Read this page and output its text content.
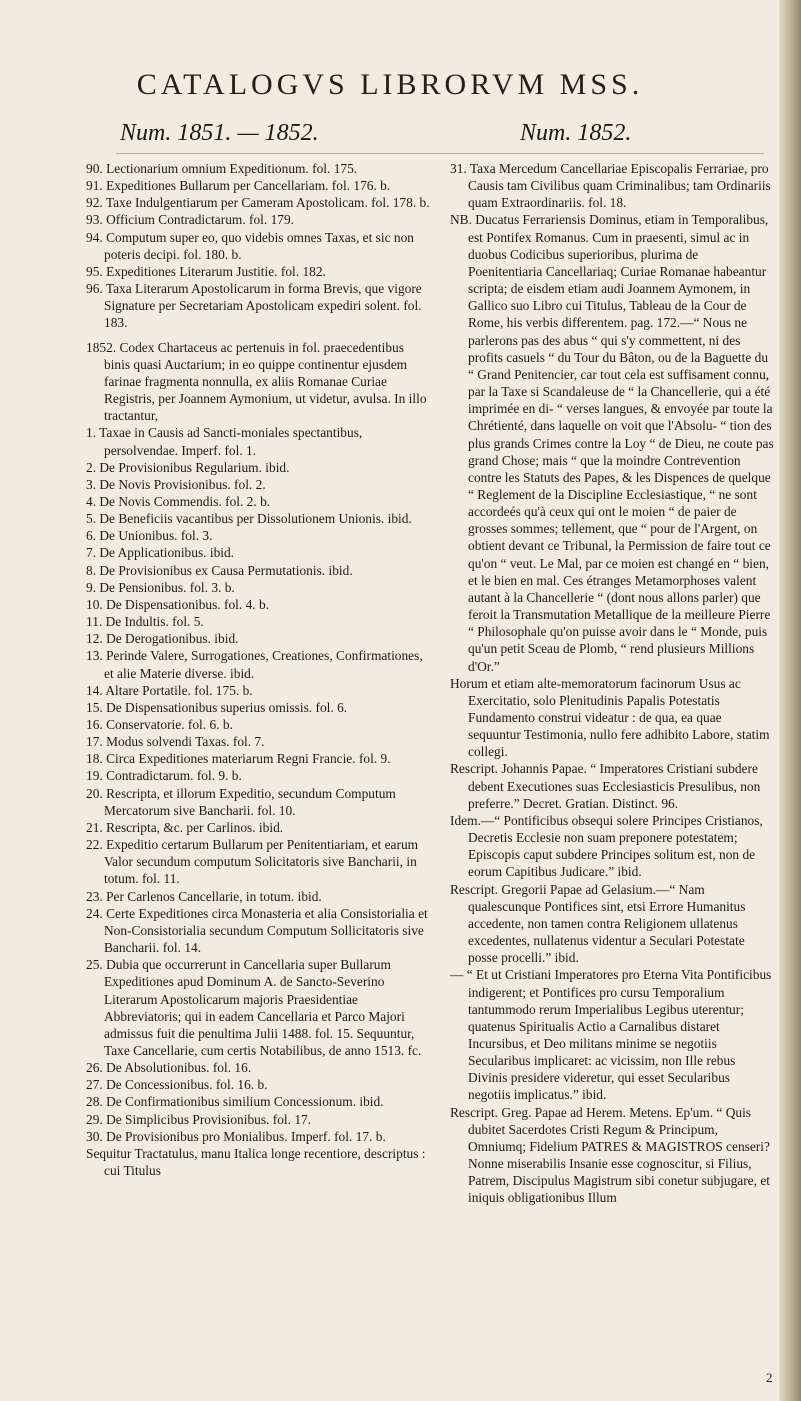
CATALOGVS LIBRORVM MSS.
Num. 1851. — 1852.	Num. 1852.

90. Lectionarium omnium Expeditionum. fol. 175.

91. Expeditiones Bullarum per Cancellariam. fol. 176. b.

92. Taxe Indulgentiarum per Cameram Apostolicam. fol. 178. b.

93. Officium Contradictarum. fol. 179.

94. Computum super eo, quo videbis omnes Taxas, et sic non poteris decipi. fol. 180. b.

95. Expeditiones Literarum Justitie. fol. 182.

96. Taxa Literarum Apostolicarum in forma Brevis, que vigore Signature per Secretariam Apostolicam expediri solent. fol. 183.

1852. Codex Chartaceus ac pertenuis in fol. praecedentibus binis quasi Auctarium; in eo quippe continentur ejusdem farinae fragmenta nonnulla, ex aliis Romanae Curiae Registris, per Joannem Aymonium, ut videtur, avulsa. In illo tractantur,

1. Taxae in Causis ad Sancti-moniales spectantibus, persolvendae. Imperf. fol. 1.

2. De Provisionibus Regularium. ibid.

3. De Novis Provisionibus. fol. 2.

4. De Novis Commendis. fol. 2. b.

5. De Beneficiis vacantibus per Dissolutionem Unionis. ibid.

6. De Unionibus. fol. 3.

7. De Applicationibus. ibid.

8. De Provisionibus ex Causa Permutationis. ibid.

9. De Pensionibus. fol. 3. b.

10. De Dispensationibus. fol. 4. b.

11. De Indultis. fol. 5.

12. De Derogationibus. ibid.

13. Perinde Valere, Surrogationes, Creationes, Confirmationes, et alie Materie diverse. ibid.

14. Altare Portatile. fol. 175. b.

15. De Dispensationibus superius omissis. fol. 6.

16. Conservatorie. fol. 6. b.

17. Modus solvendi Taxas. fol. 7.

18. Circa Expeditiones materiarum Regni Francie. fol. 9.

19. Contradictarum. fol. 9. b.

20. Rescripta, et illorum Expeditio, secundum Computum Mercatorum sive Bancharii. fol. 10.

21. Rescripta, &c. per Carlinos. ibid.

22. Expeditio certarum Bullarum per Penitentiariam, et earum Valor secundum computum Solicitatoris sive Bancharii, in totum. fol. 11.

23. Per Carlenos Cancellarie, in totum. ibid.

24. Certe Expeditiones circa Monasteria et alia Consistorialia et Non-Consistorialia secundum Computum Sollicitatoris sive Bancharii. fol. 14.

25. Dubia que occurrerunt in Cancellaria super Bullarum Expeditiones apud Dominum A. de Sancto-Severino Literarum Apostolicarum majoris Praesidentiae Abbreviatoris; qui in eadem Cancellaria et Parco Majori admissus fuit die penultima Julii 1488. fol. 15. Sequuntur, Taxe Cancellarie, cum certis Notabilibus, de anno 1513. fc.

26. De Absolutionibus. fol. 16.

27. De Concessionibus. fol. 16. b.

28. De Confirmationibus similium Concessionum. ibid.

29. De Simplicibus Provisionibus. fol. 17.

30. De Provisionibus pro Monialibus. Imperf. fol. 17. b.

Sequitur Tractatulus, manu Italica longe recentiore, descriptus : cui Titulus

31. Taxa Mercedum Cancellariae Episcopalis Ferrariae, pro Causis tam Civilibus quam Criminalibus; tam Ordinariis quam Extraordinariis. fol. 18.

NB. Ducatus Ferrariensis Dominus, etiam in Temporalibus, est Pontifex Romanus. Cum in praesenti, simul ac in duobus Codicibus superioribus, plurima de Poenitentiaria Cancellariaq; Curiae Romanae habeantur scripta; de eisdem etiam audi Joannem Aymonem, in Gallico suo Libro cui Titulus, Tableau de la Cour de Rome, his verbis differentem. pag. 172.—“ Nous ne parlerons pas des abus “ qui s'y commettent, ni des profits casuels “ du Tour du Bâton, ou de la Baguette du “ Grand Penitencier, car tout cela est suffisament connu, par la Taxe si Scandaleuse de “ la Chancellerie, qui a été imprimée en di- “ verses langues, & envoyée par toute la Chrétienté, dans laquelle on voit que l'Absolu- “ tion des plus grands Crimes contre la Loy “ de Dieu, ne coute pas grand Chose; mais “ que la moindre Contrevention contre les Statuts des Papes, & les Dispences de quelque “ Reglement de la Discipline Ecclesiastique, “ ne sont accordeés qu'à ceux qui ont le moien “ de paier de grosses sommes; tellement, que “ pour de l'Argent, on obtient devant ce Tribunal, la Permission de faire tout ce qu'on “ veut. Le Mal, par ce moien est changé en “ bien, et le bien en mal. Ces étranges Metamorphoses valent autant à la Chancellerie “ (dont nous allons parler) que feroit la Transmutation Metallique de la meilleure Pierre “ Philosophale qu'on puisse avoir dans le “ Monde, puis qu'un petit Sceau de Plomb, “ rend plusieurs Millions d'Or.”

Horum et etiam alte-memoratorum facinorum Usus ac Exercitatio, solo Plenitudinis Papalis Potestatis Fundamento construi videatur : de qua, ea quae sequuntur Testimonia, nullo fere adhibito Labore, statim collegi.

Rescript. Johannis Papae. “ Imperatores Cristiani subdere debent Executiones suas Ecclesiasticis Presulibus, non preferre.” Decret. Gratian. Distinct. 96.

Idem.—“ Pontificibus obsequi solere Principes Cristianos, Decretis Ecclesie non suam preponere potestatem; Episcopis caput subdere Principes solitum est, non de eorum Capitibus Judicare.” ibid.

Rescript. Gregorii Papae ad Gelasium.—“ Nam qualescunque Pontifices sint, etsi Errore Humanitus accedente, non tamen contra Religionem ullatenus excedentes, nullatenus videntur a Seculari Potestate posse procelli.” ibid.

— “ Et ut Cristiani Imperatores pro Eterna Vita Pontificibus indigerent; et Pontifices pro cursu Temporalium tantummodo rerum Imperialibus Legibus uterentur; quatenus Spiritualis Actio a Carnalibus distaret Incursibus, et Deo militans minime se negotiis Secularibus implicaret: ac vicissim, non Ille rebus Divinis presidere videretur, qui esset Secularibus negotiis implicatus.” ibid.

Rescript. Greg. Papae ad Herem. Metens. Ep'um. “ Quis dubitet Sacerdotes Cristi Regum & Principum, Omniumq; Fidelium PATRES & MAGISTROS censeri? Nonne miserabilis Insanie esse cognoscitur, si Filius, Patrem, Discipulus Magistrum sibi conetur subjugare, et iniquis obligationibus Illum

2
